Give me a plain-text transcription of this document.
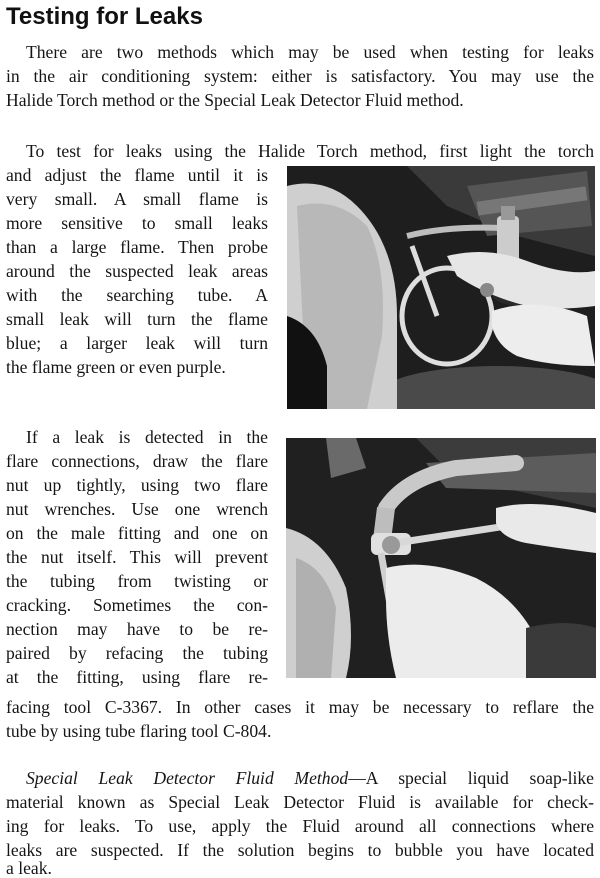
Testing for Leaks
There are two methods which may be used when testing for leaks
in the air conditioning system: either is satisfactory. You may use the
Halide Torch method or the Special Leak Detector Fluid method.
To test for leaks using the Halide Torch method, first light the torch
and adjust the flame until it is
very small. A small flame is
more sensitive to small leaks
than a large flame. Then probe
around the suspected leak areas
with the searching tube. A
small leak will turn the flame
blue; a larger leak will turn
the flame green or even purple.
If a leak is detected in the
flare connections, draw the flare
nut up tightly, using two flare
nut wrenches. Use one wrench
on the male fitting and one on
the nut itself. This will prevent
the tubing from twisting or
cracking. Sometimes the con-
nection may have to be re-
paired by refacing the tubing
at the fitting, using flare re-
facing tool C-3367. In other cases it may be necessary to reflare the
tube by using tube flaring tool C-804.
Special Leak Detector Fluid Method—A special liquid soap-like
material known as Special Leak Detector Fluid is available for check-
ing for leaks. To use, apply the Fluid around all connections where
leaks are suspected. If the solution begins to bubble you have located
a leak.
